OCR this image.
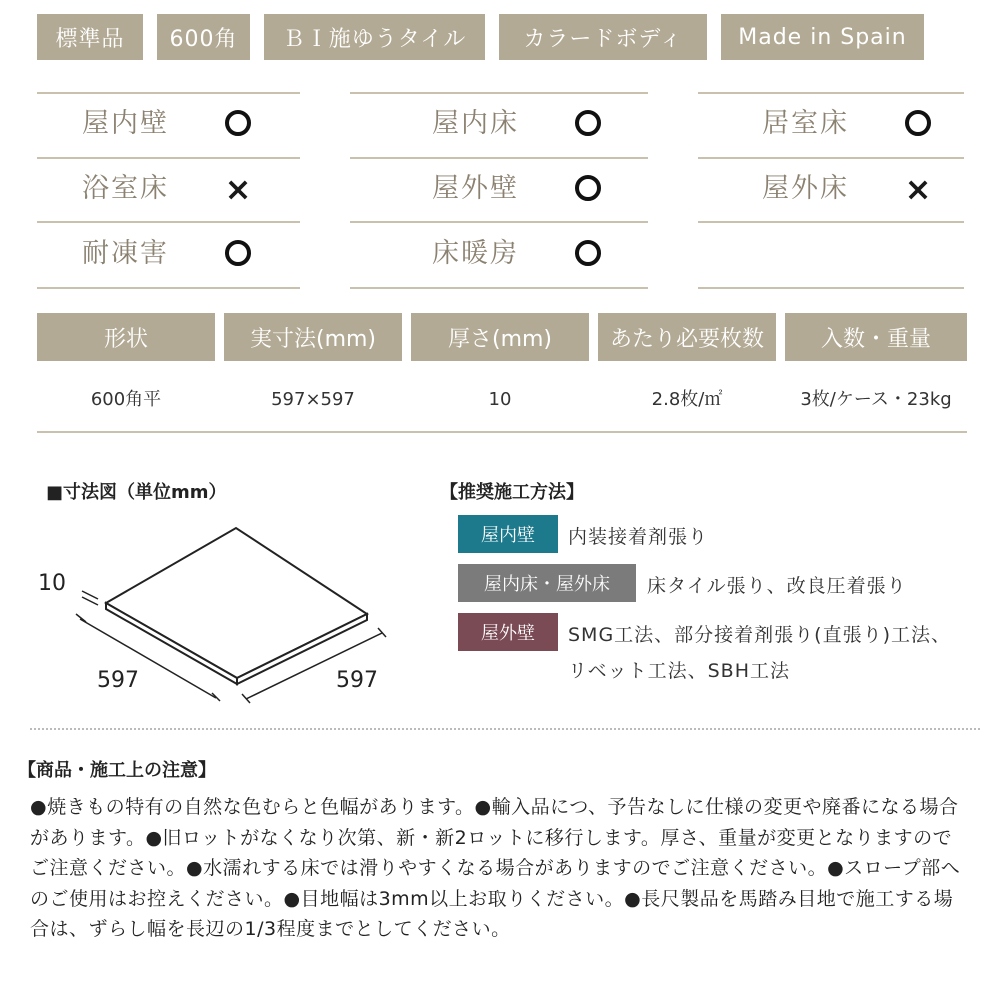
標準品	600角	ＢＩ施ゆうタイル	カラードボディ	Made in Spain
屋内壁	屋内床	居室床
浴室床 ×	屋外壁	屋外床 ×
耐凍害	床暖房
形状	実寸法(mm)	厚さ(mm)	あたり必要枚数	入数・重量
600角平	597×597	10	2.8枚/㎡	3枚/ケース・23kg
■寸法図（単位mm）
10
597	597
【推奨施工方法】
屋内壁	内装接着剤張り
屋内床・屋外床	床タイル張り、改良圧着張り
屋外壁	SMG工法、部分接着剤張り(直張り)工法、
リベット工法、SBH工法
【商品・施工上の注意】
●焼きもの特有の自然な色むらと色幅があります。●輸入品につ、予告なしに仕様の変更や廃番になる場合があります。●旧ロットがなくなり次第、新・新2ロットに移行します。厚さ、重量が変更となりますのでご注意ください。●水濡れする床では滑りやすくなる場合がありますのでご注意ください。●スロープ部へのご使用はお控えください。●目地幅は3mm以上お取りください。●長尺製品を馬踏み目地で施工する場合は、ずらし幅を長辺の1/3程度までとしてください。
